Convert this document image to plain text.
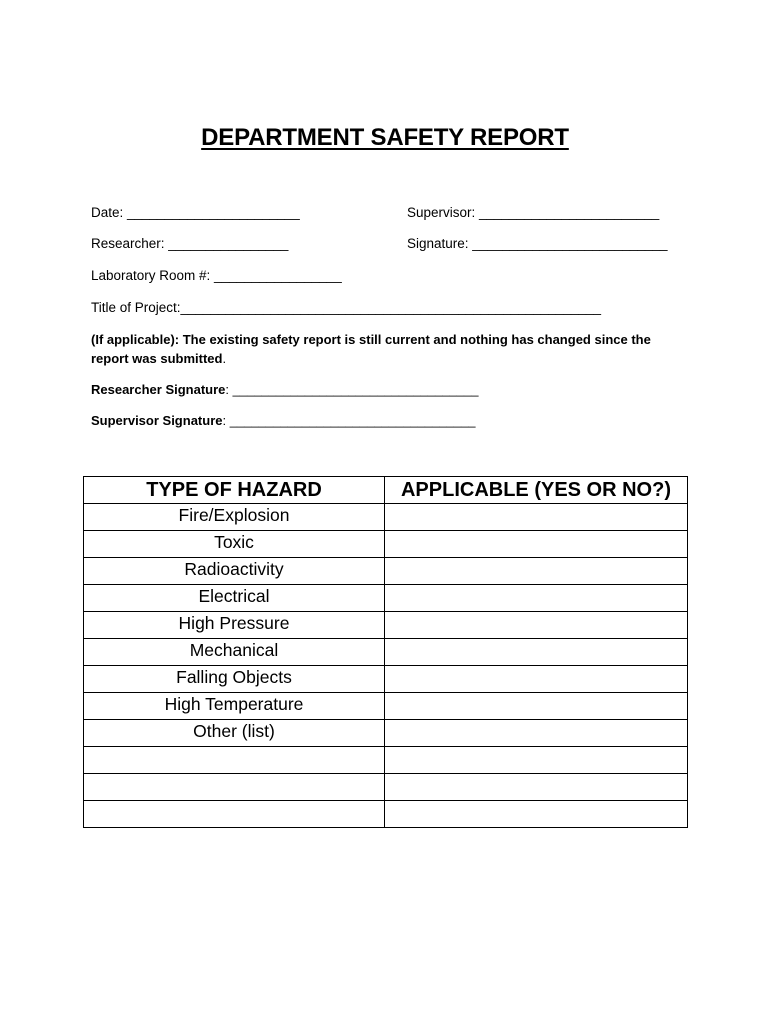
DEPARTMENT SAFETY REPORT
Date: _______________________	Supervisor: ________________________
Researcher: ________________	Signature: __________________________
Laboratory Room #: _________________
Title of Project:________________________________________________________
(If applicable): The existing safety report is still current and nothing has changed since the report was submitted.
Researcher Signature: __________________________________
Supervisor Signature: __________________________________
TYPE OF HAZARD	APPLICABLE (YES OR NO?)
Fire/Explosion	
Toxic	
Radioactivity	
Electrical	
High Pressure	
Mechanical	
Falling Objects	
High Temperature	
Other (list)	
